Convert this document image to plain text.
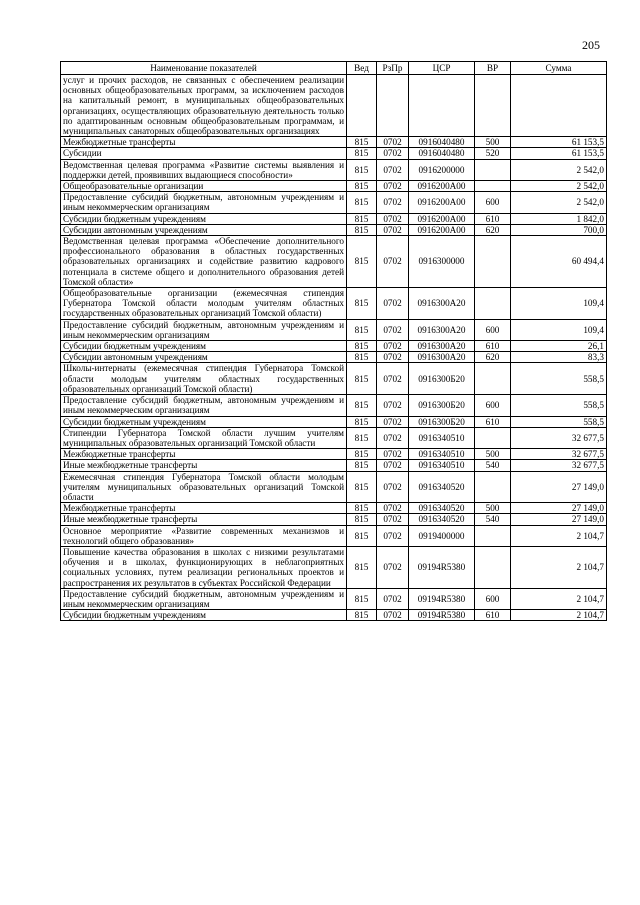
205
Наименование показателей	Вед	РзПр	ЦСР	ВР	Сумма
услуг и прочих расходов, не связанных с обеспечением реализации основных общеобразовательных программ, за исключением расходов на капитальный ремонт, в муниципальных общеобразовательных организациях, осуществляющих образовательную деятельность только по адаптированным основным общеобразовательным программам, и муниципальных санаторных общеобразовательных организациях					
Межбюджетные трансферты	815	0702	0916040480	500	61 153,5
Субсидии	815	0702	0916040480	520	61 153,5
Ведомственная целевая программа «Развитие системы выявления и поддержки детей, проявивших выдающиеся способности»	815	0702	0916200000		2 542,0
Общеобразовательные организации	815	0702	0916200А00		2 542,0
Предоставление субсидий бюджетным, автономным учреждениям и иным некоммерческим организациям	815	0702	0916200А00	600	2 542,0
Субсидии бюджетным учреждениям	815	0702	0916200А00	610	1 842,0
Субсидии автономным учреждениям	815	0702	0916200А00	620	700,0
Ведомственная целевая программа «Обеспечение дополнительного профессионального образования в областных государственных образовательных организациях и содействие развитию кадрового потенциала в системе общего и дополнительного образования детей Томской области»	815	0702	0916300000		60 494,4
Общеобразовательные организации (ежемесячная стипендия Губернатора Томской области молодым учителям областных государственных образовательных организаций Томской области)	815	0702	0916300А20		109,4
Предоставление субсидий бюджетным, автономным учреждениям и иным некоммерческим организациям	815	0702	0916300А20	600	109,4
Субсидии бюджетным учреждениям	815	0702	0916300А20	610	26,1
Субсидии автономным учреждениям	815	0702	0916300А20	620	83,3
Школы-интернаты (ежемесячная стипендия Губернатора Томской области молодым учителям областных государственных образовательных организаций Томской области)	815	0702	0916300Б20		558,5
Предоставление субсидий бюджетным, автономным учреждениям и иным некоммерческим организациям	815	0702	0916300Б20	600	558,5
Субсидии бюджетным учреждениям	815	0702	0916300Б20	610	558,5
Стипендии Губернатора Томской области лучшим учителям муниципальных образовательных организаций Томской области	815	0702	0916340510		32 677,5
Межбюджетные трансферты	815	0702	0916340510	500	32 677,5
Иные межбюджетные трансферты	815	0702	0916340510	540	32 677,5
Ежемесячная стипендия Губернатора Томской области молодым учителям муниципальных образовательных организаций Томской области	815	0702	0916340520		27 149,0
Межбюджетные трансферты	815	0702	0916340520	500	27 149,0
Иные межбюджетные трансферты	815	0702	0916340520	540	27 149,0
Основное мероприятие «Развитие современных механизмов и технологий общего образования»	815	0702	0919400000		2 104,7
Повышение качества образования в школах с низкими результатами обучения и в школах, функционирующих в неблагоприятных социальных условиях, путем реализации региональных проектов и распространения их результатов в субъектах Российской Федерации	815	0702	09194R5380		2 104,7
Предоставление субсидий бюджетным, автономным учреждениям и иным некоммерческим организациям	815	0702	09194R5380	600	2 104,7
Субсидии бюджетным учреждениям	815	0702	09194R5380	610	2 104,7
